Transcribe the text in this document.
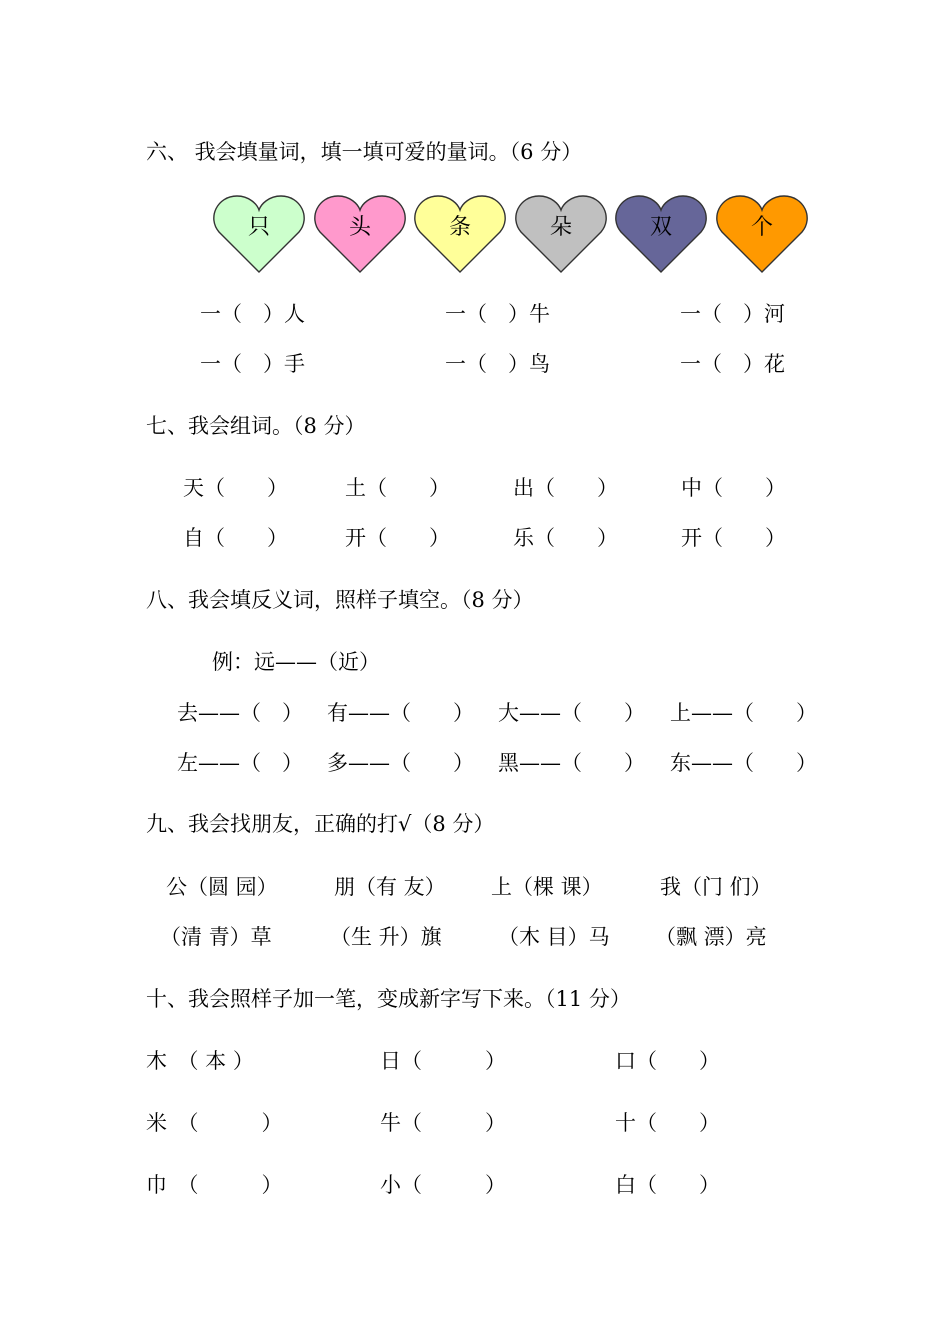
六、 我会填量词，填一填可爱的量词。（6 分）
只	头	条	朵	双	个
一（　）人	一（　）牛	一（　）河
一（　）手	一（　）鸟	一（　）花
七、我会组词。（8 分）
天（　　）	土（　　）	出（　　）	中（　　）
自（　　）	开（　　）	乐（　　）	开（　　）
八、我会填反义词，照样子填空。（8 分）
例：远——（近）
去——（　） 有——（　　） 大——（　　） 上——（　　）
左——（　） 多——（　　） 黑——（　　） 东——（　　）
九、我会找朋友，正确的打√（8 分）
公（圆 园）	朋（有 友） 上（棵 课）	我（门 们）
（清 青）草	（生 升）旗	（木 目）马 （飘 漂）亮
十、我会照样子加一笔，变成新字写下来。（11 分）
木　（ 本 ）	日（　　　）	口（　　）
米　（　　　）	牛（　　　）	十（　　）
巾　（　　　）	小（　　　）	白（　　）
